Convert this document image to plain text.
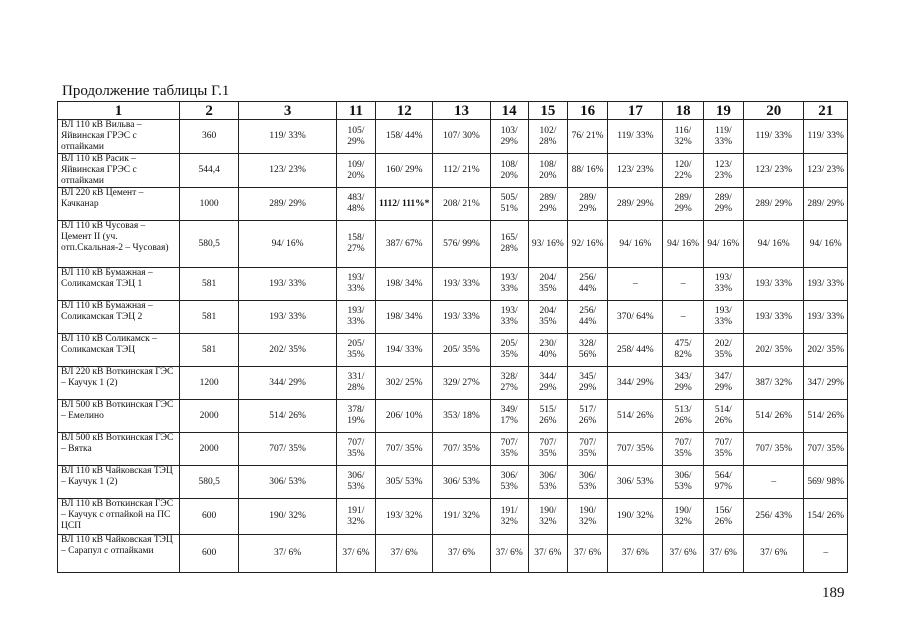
Продолжение таблицы Г.1
1	2	3	11	12	13	14	15	16	17	18	19	20	21
ВЛ 110 кВ Вильва – Яйвинская ГРЭС с отпайками	360	119/ 33%	105/ 29%	158/ 44%	107/ 30%	103/ 29%	102/ 28%	76/ 21%	119/ 33%	116/ 32%	119/ 33%	119/ 33%	119/ 33%
ВЛ 110 кВ Расик – Яйвинская ГРЭС с отпайками	544,4	123/ 23%	109/ 20%	160/ 29%	112/ 21%	108/ 20%	108/ 20%	88/ 16%	123/ 23%	120/ 22%	123/ 23%	123/ 23%	123/ 23%
ВЛ 220 кВ Цемент – Качканар	1000	289/ 29%	483/ 48%	1112/ 111%*	208/ 21%	505/ 51%	289/ 29%	289/ 29%	289/ 29%	289/ 29%	289/ 29%	289/ 29%	289/ 29%
ВЛ 110 кВ Чусовая – Цемент II (уч. отп.Скальная-2 – Чусовая)	580,5	94/ 16%	158/ 27%	387/ 67%	576/ 99%	165/ 28%	93/ 16%	92/ 16%	94/ 16%	94/ 16%	94/ 16%	94/ 16%	94/ 16%
ВЛ 110 кВ Бумажная – Соликамская ТЭЦ 1	581	193/ 33%	193/ 33%	198/ 34%	193/ 33%	193/ 33%	204/ 35%	256/ 44%	–	–	193/ 33%	193/ 33%	193/ 33%
ВЛ 110 кВ Бумажная – Соликамская ТЭЦ 2	581	193/ 33%	193/ 33%	198/ 34%	193/ 33%	193/ 33%	204/ 35%	256/ 44%	370/ 64%	–	193/ 33%	193/ 33%	193/ 33%
ВЛ 110 кВ Соликамск – Соликамская ТЭЦ	581	202/ 35%	205/ 35%	194/ 33%	205/ 35%	205/ 35%	230/ 40%	328/ 56%	258/ 44%	475/ 82%	202/ 35%	202/ 35%	202/ 35%
ВЛ 220 кВ Воткинская ГЭС – Каучук 1 (2)	1200	344/ 29%	331/ 28%	302/ 25%	329/ 27%	328/ 27%	344/ 29%	345/ 29%	344/ 29%	343/ 29%	347/ 29%	387/ 32%	347/ 29%
ВЛ 500 кВ Воткинская ГЭС – Емелино	2000	514/ 26%	378/ 19%	206/ 10%	353/ 18%	349/ 17%	515/ 26%	517/ 26%	514/ 26%	513/ 26%	514/ 26%	514/ 26%	514/ 26%
ВЛ 500 кВ Воткинская ГЭС – Вятка	2000	707/ 35%	707/ 35%	707/ 35%	707/ 35%	707/ 35%	707/ 35%	707/ 35%	707/ 35%	707/ 35%	707/ 35%	707/ 35%	707/ 35%
ВЛ 110 кВ Чайковская ТЭЦ – Каучук 1 (2)	580,5	306/ 53%	306/ 53%	305/ 53%	306/ 53%	306/ 53%	306/ 53%	306/ 53%	306/ 53%	306/ 53%	564/ 97%	–	569/ 98%
ВЛ 110 кВ Воткинская ГЭС – Каучук с отпайкой на ПС ЦСП	600	190/ 32%	191/ 32%	193/ 32%	191/ 32%	191/ 32%	190/ 32%	190/ 32%	190/ 32%	190/ 32%	156/ 26%	256/ 43%	154/ 26%
ВЛ 110 кВ Чайковская ТЭЦ – Сарапул с отпайками	600	37/ 6%	37/ 6%	37/ 6%	37/ 6%	37/ 6%	37/ 6%	37/ 6%	37/ 6%	37/ 6%	37/ 6%	37/ 6%	–
189
